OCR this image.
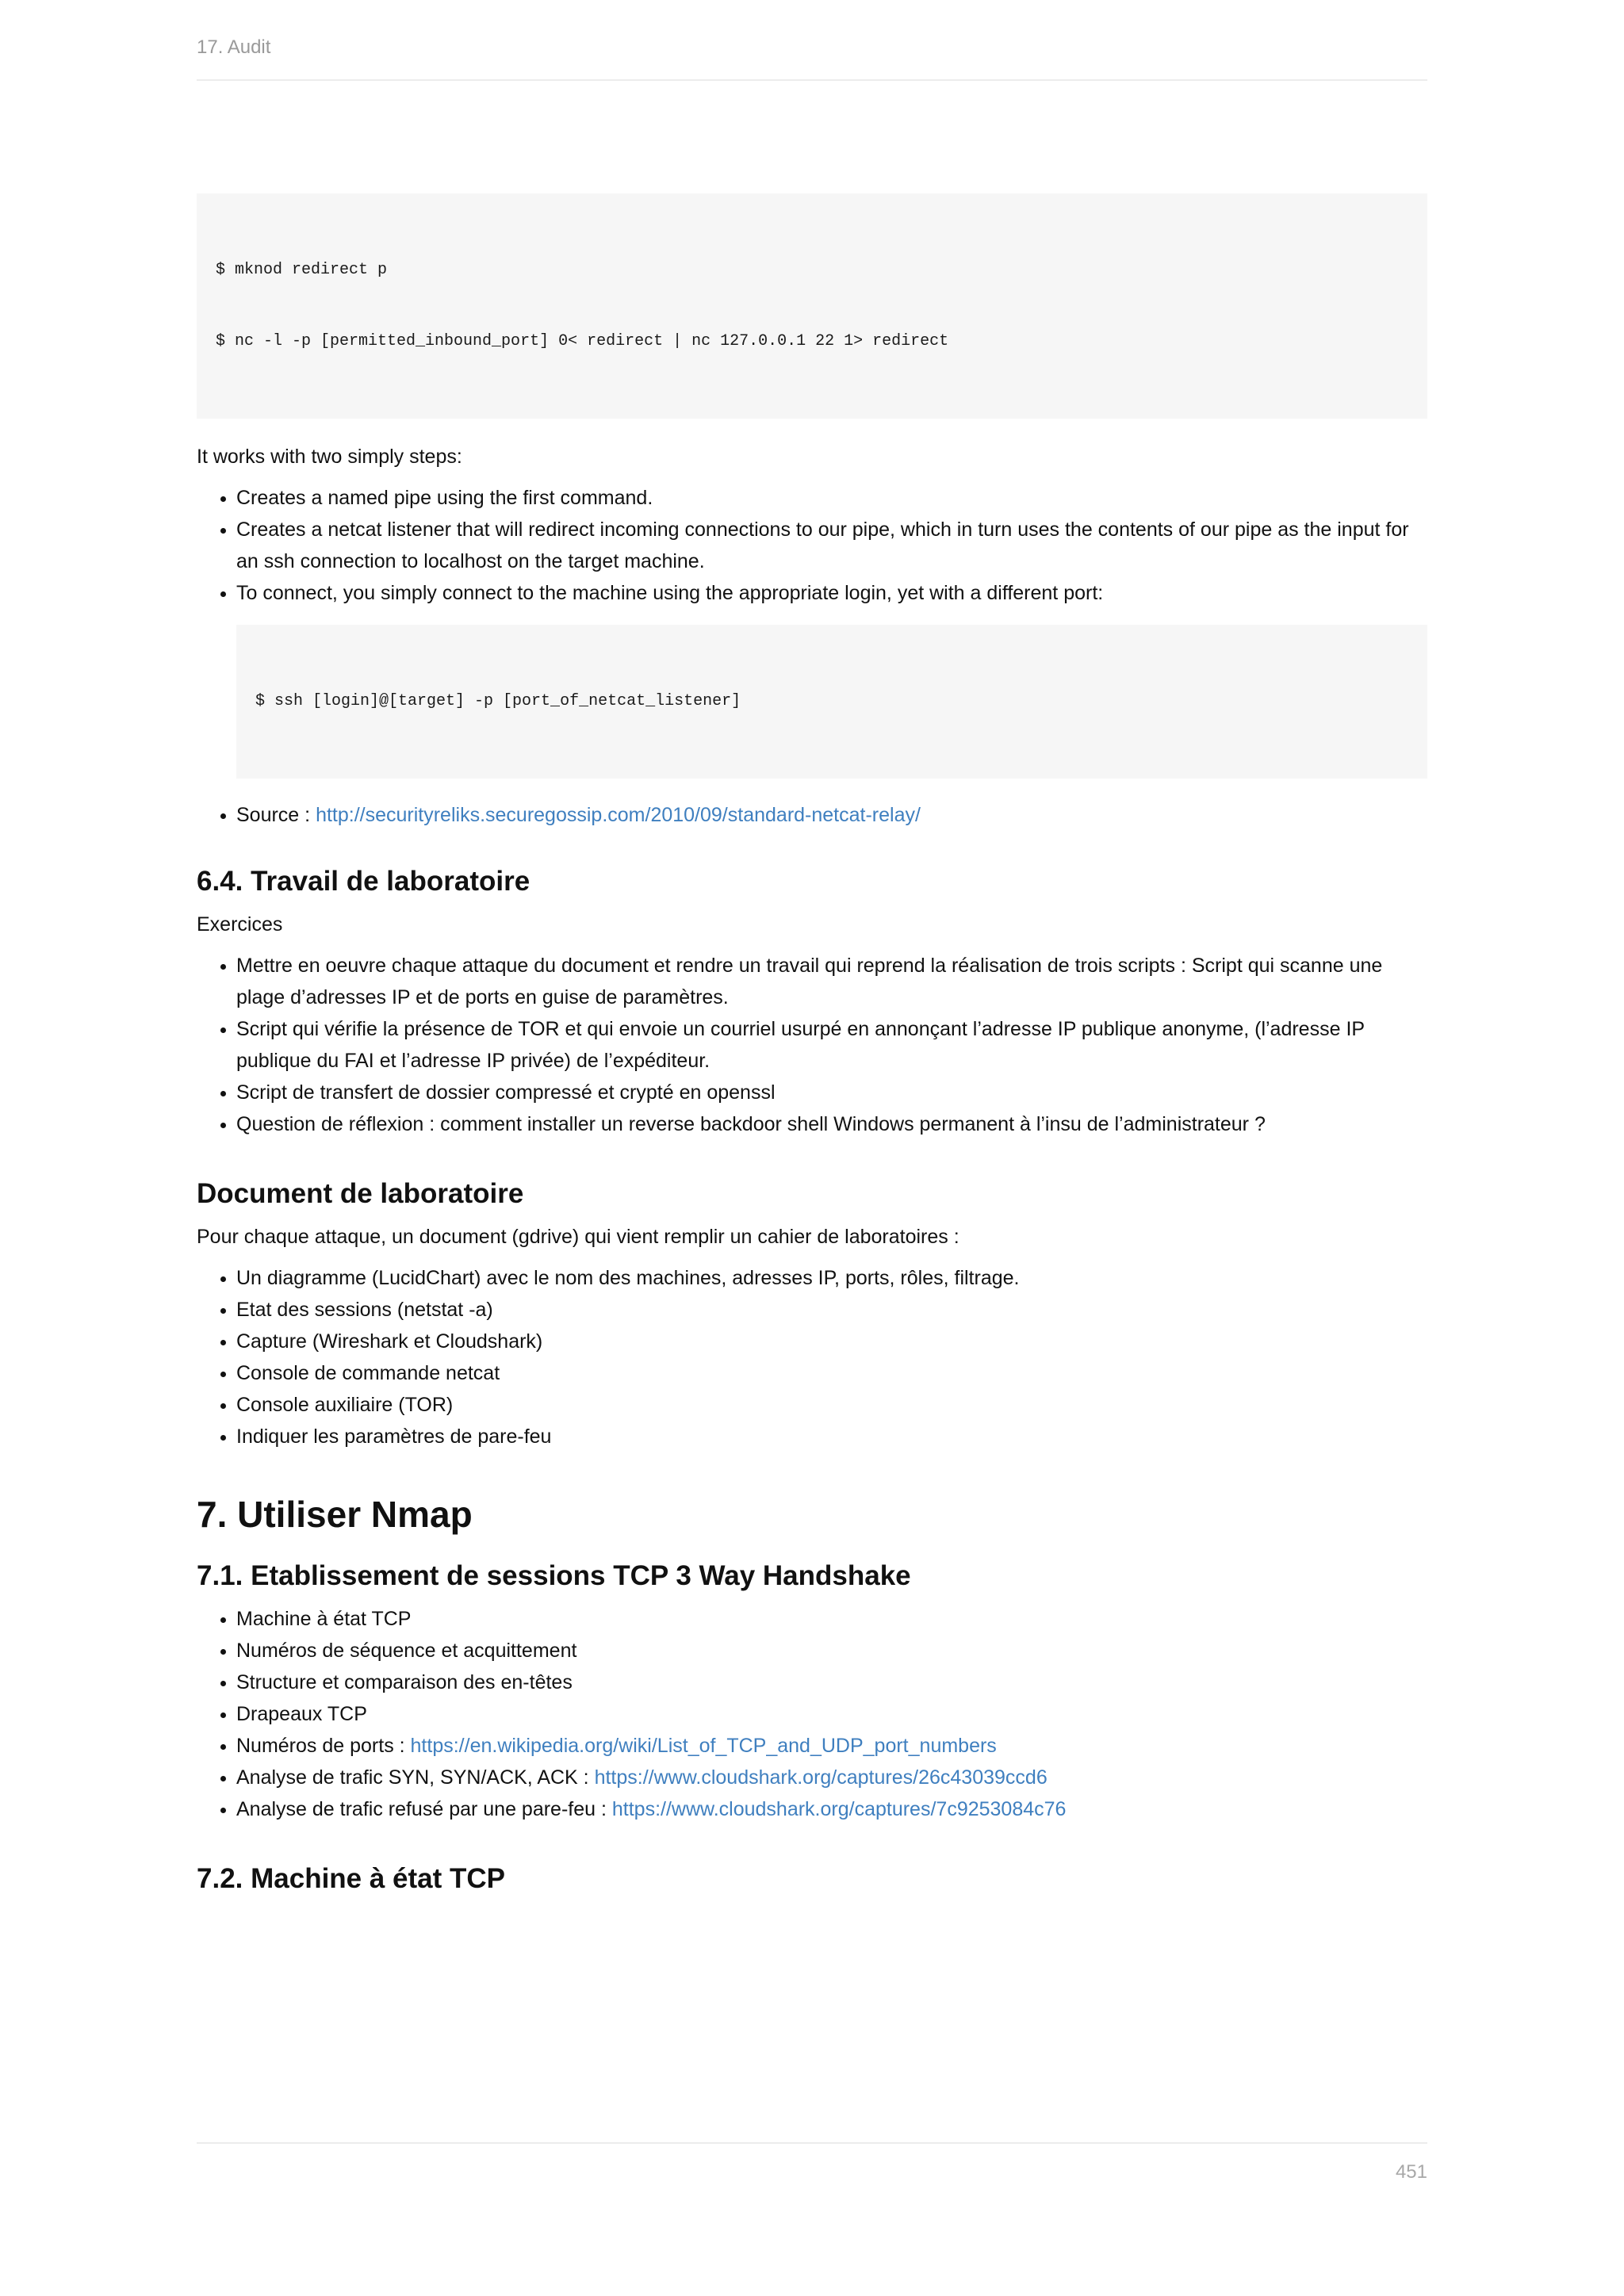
17. Audit

$ mknod redirect p

$ nc -l -p [permitted_inbound_port] 0< redirect | nc 127.0.0.1 22 1> redirect

It works with two simply steps:

• Creates a named pipe using the first command.
• Creates a netcat listener that will redirect incoming connections to our pipe, which in turn uses the contents of our pipe as the input for an ssh connection to localhost on the target machine.
• To connect, you simply connect to the machine using the appropriate login, yet with a different port:

$ ssh [login]@[target] -p [port_of_netcat_listener]

• Source : http://securityreliks.securegossip.com/2010/09/standard-netcat-relay/
6.4. Travail de laboratoire

Exercices

• Mettre en oeuvre chaque attaque du document et rendre un travail qui reprend la réalisation de trois scripts : Script qui scanne une plage d’adresses IP et de ports en guise de paramètres.
• Script qui vérifie la présence de TOR et qui envoie un courriel usurpé en annonçant l’adresse IP publique anonyme, (l’adresse IP publique du FAI et l’adresse IP privée) de l’expéditeur.
• Script de transfert de dossier compressé et crypté en openssl
• Question de réflexion : comment installer un reverse backdoor shell Windows permanent à l’insu de l’administrateur ?
Document de laboratoire

Pour chaque attaque, un document (gdrive) qui vient remplir un cahier de laboratoires :

• Un diagramme (LucidChart) avec le nom des machines, adresses IP, ports, rôles, filtrage.
• Etat des sessions (netstat -a)
• Capture (Wireshark et Cloudshark)
• Console de commande netcat
• Console auxiliaire (TOR)
• Indiquer les paramètres de pare-feu
7. Utiliser Nmap
7.1. Etablissement de sessions TCP 3 Way Handshake
• Machine à état TCP
• Numéros de séquence et acquittement
• Structure et comparaison des en-têtes
• Drapeaux TCP
• Numéros de ports : https://en.wikipedia.org/wiki/List_of_TCP_and_UDP_port_numbers
• Analyse de trafic SYN, SYN/ACK, ACK : https://www.cloudshark.org/captures/26c43039ccd6
• Analyse de trafic refusé par une pare-feu : https://www.cloudshark.org/captures/7c9253084c76
7.2. Machine à état TCP
451
